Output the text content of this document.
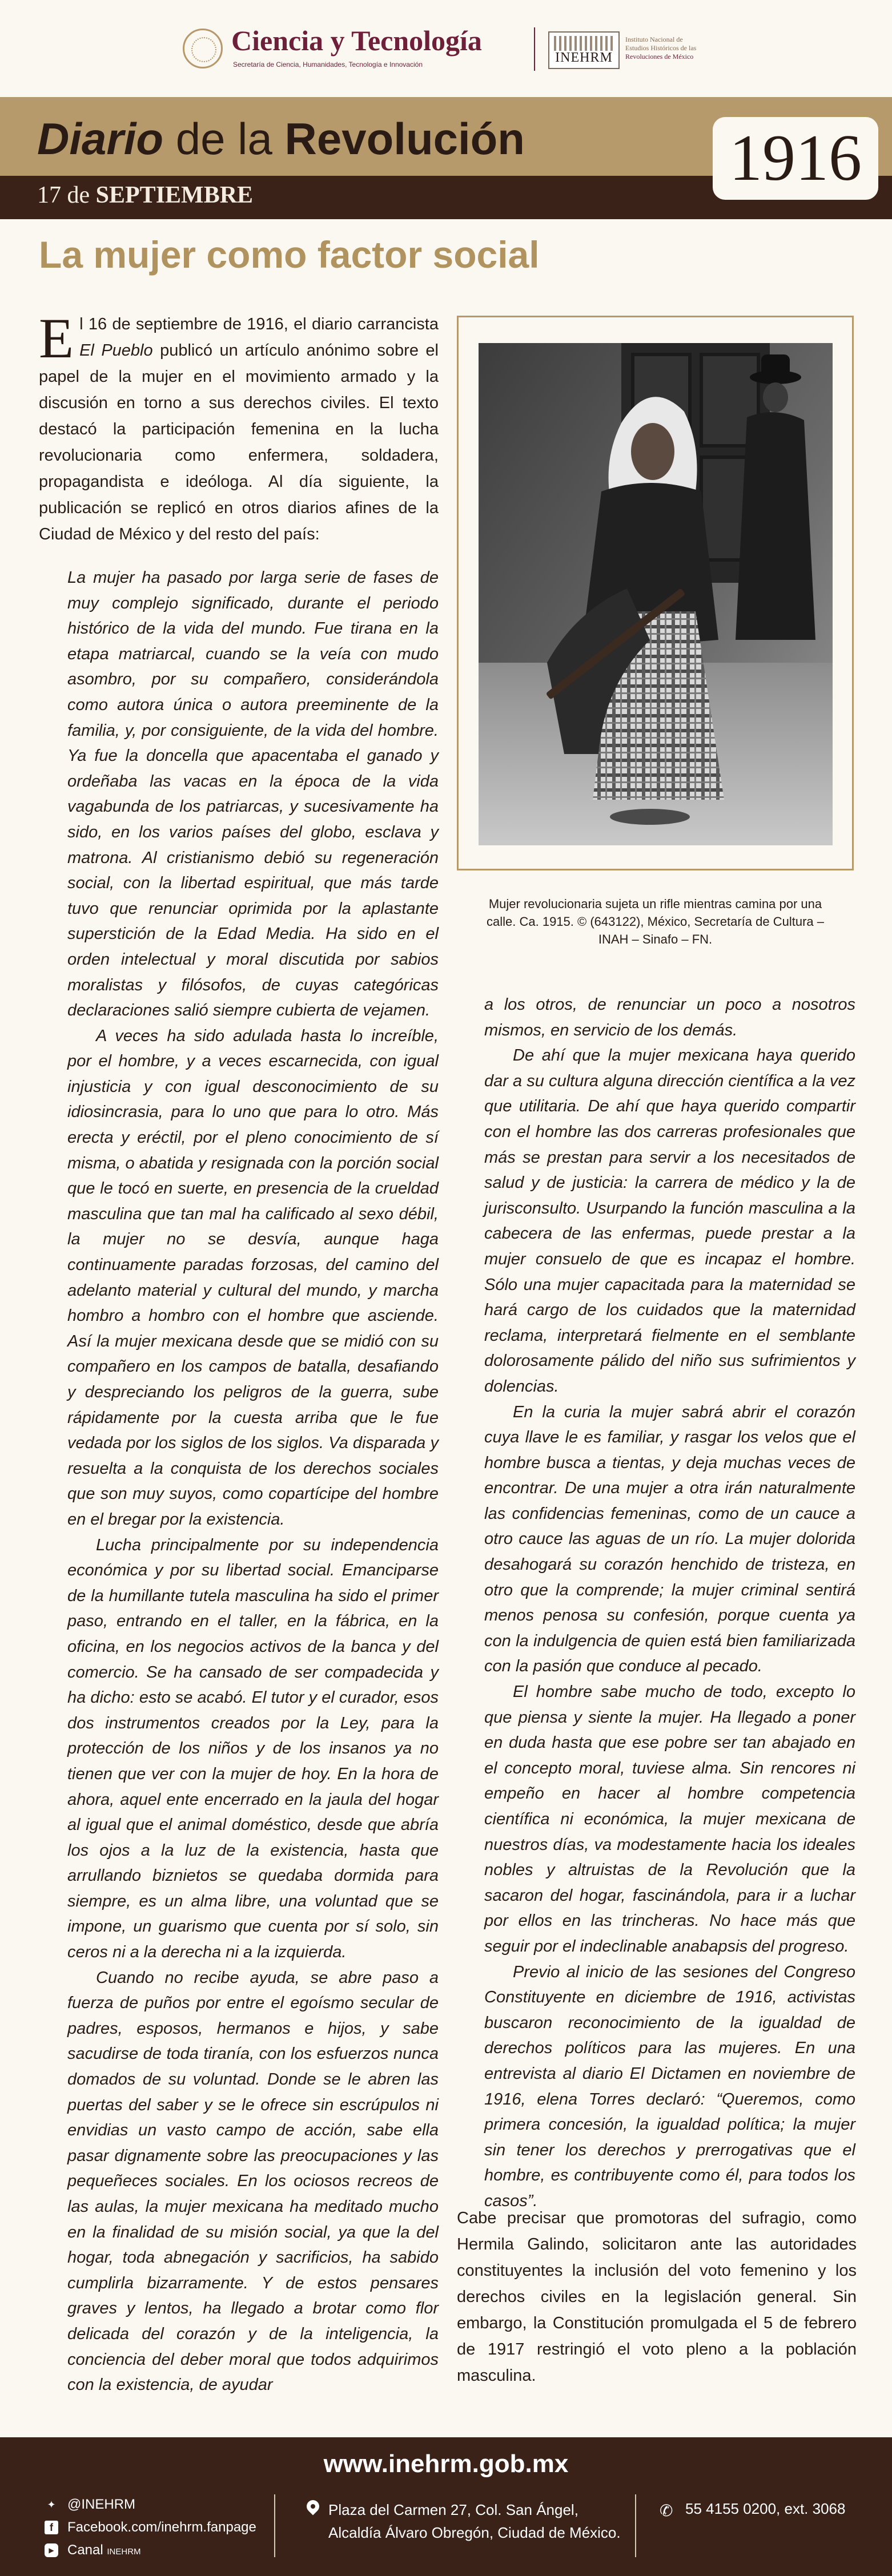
Ciencia y Tecnología
Secretaría de Ciencia, Humanidades, Tecnología e Innovación	INEHRM
Instituto Nacional de
Estudios Históricos de las
Revoluciones de México
Diario de la Revolución
17 de SEPTIEMBRE
1916
La mujer como factor social
El 16 de septiembre de 1916, el diario carrancista El Pueblo publicó un artículo anónimo sobre el papel de la mujer en el movimiento armado y la discusión en torno a sus derechos civiles. El texto destacó la participación femenina en la lucha revolucionaria como enfermera, soldadera, propagandista e ideóloga. Al día siguiente, la publicación se replicó en otros diarios afines de la Ciudad de México y del resto del país:

La mujer ha pasado por larga serie de fases de muy complejo significado, durante el periodo histórico de la vida del mundo. Fue tirana en la etapa matriarcal, cuando se la veía con mudo asombro, por su compañero, considerándola como autora única o autora preeminente de la familia, y, por consiguiente, de la vida del hombre. Ya fue la doncella que apacentaba el ganado y ordeñaba las vacas en la época de la vida vagabunda de los patriarcas, y sucesivamente ha sido, en los varios países del globo, esclava y matrona. Al cristianismo debió su regeneración social, con la libertad espiritual, que más tarde tuvo que renunciar oprimida por la aplastante superstición de la Edad Media. Ha sido en el orden intelectual y moral discutida por sabios moralistas y filósofos, de cuyas categóricas declaraciones salió siempre cubierta de vejamen.

A veces ha sido adulada hasta lo increíble, por el hombre, y a veces escarnecida, con igual injusticia y con igual desconocimiento de su idiosincrasia, para lo uno que para lo otro. Más erecta y eréctil, por el pleno conocimiento de sí misma, o abatida y resignada con la porción social que le tocó en suerte, en presencia de la crueldad masculina que tan mal ha calificado al sexo débil, la mujer no se desvía, aunque haga continuamente paradas forzosas, del camino del adelanto material y cultural del mundo, y marcha hombro a hombro con el hombre que asciende. Así la mujer mexicana desde que se midió con su compañero en los campos de batalla, desafiando y despreciando los peligros de la guerra, sube rápidamente por la cuesta arriba que le fue vedada por los siglos de los siglos. Va disparada y resuelta a la conquista de los derechos sociales que son muy suyos, como copartícipe del hombre en el bregar por la existencia.

Lucha principalmente por su independencia económica y por su libertad social. Emanciparse de la humillante tutela masculina ha sido el primer paso, entrando en el taller, en la fábrica, en la oficina, en los negocios activos de la banca y del comercio. Se ha cansado de ser compadecida y ha dicho: esto se acabó. El tutor y el curador, esos dos instrumentos creados por la Ley, para la protección de los niños y de los insanos ya no tienen que ver con la mujer de hoy. En la hora de ahora, aquel ente encerrado en la jaula del hogar al igual que el animal doméstico, desde que abría los ojos a la luz de la existencia, hasta que arrullando biznietos se quedaba dormida para siempre, es un alma libre, una voluntad que se impone, un guarismo que cuenta por sí solo, sin ceros ni a la derecha ni a la izquierda.

Cuando no recibe ayuda, se abre paso a fuerza de puños por entre el egoísmo secular de padres, esposos, hermanos e hijos, y sabe sacudirse de toda tiranía, con los esfuerzos nunca domados de su voluntad. Donde se le abren las puertas del saber y se le ofrece sin escrúpulos ni envidias un vasto campo de acción, sabe ella pasar dignamente sobre las preocupaciones y las pequeñeces sociales. En los ociosos recreos de las aulas, la mujer mexicana ha meditado mucho en la finalidad de su misión social, ya que la del hogar, toda abnegación y sacrificios, ha sabido cumplirla bizarramente. Y de estos pensares graves y lentos, ha llegado a brotar como flor delicada del corazón y de la inteligencia, la conciencia del deber moral que todos adquirimos con la existencia, de ayudar

Mujer revolucionaria sujeta un rifle mientras camina por una calle. Ca. 1915. © (643122), México, Secretaría de Cultura – INAH – Sinafo – FN.

a los otros, de renunciar un poco a nosotros mismos, en servicio de los demás.

De ahí que la mujer mexicana haya querido dar a su cultura alguna dirección científica a la vez que utilitaria. De ahí que haya querido compartir con el hombre las dos carreras profesionales que más se prestan para servir a los necesitados de salud y de justicia: la carrera de médico y la de jurisconsulto. Usurpando la función masculina a la cabecera de las enfermas, puede prestar a la mujer consuelo de que es incapaz el hombre. Sólo una mujer capacitada para la maternidad se hará cargo de los cuidados que la maternidad reclama, interpretará fielmente en el semblante dolorosamente pálido del niño sus sufrimientos y dolencias.

En la curia la mujer sabrá abrir el corazón cuya llave le es familiar, y rasgar los velos que el hombre busca a tientas, y deja muchas veces de encontrar. De una mujer a otra irán naturalmente las confidencias femeninas, como de un cauce a otro cauce las aguas de un río. La mujer dolorida desahogará su corazón henchido de tristeza, en otro que la comprende; la mujer criminal sentirá menos penosa su confesión, porque cuenta ya con la indulgencia de quien está bien familiarizada con la pasión que conduce al pecado.

El hombre sabe mucho de todo, excepto lo que piensa y siente la mujer. Ha llegado a poner en duda hasta que ese pobre ser tan abajado en el concepto moral, tuviese alma. Sin rencores ni empeño en hacer al hombre competencia científica ni económica, la mujer mexicana de nuestros días, va modestamente hacia los ideales nobles y altruistas de la Revolución que la sacaron del hogar, fascinándola, para ir a luchar por ellos en las trincheras. No hace más que seguir por el indeclinable anabapsis del progreso.

Previo al inicio de las sesiones del Congreso Constituyente en diciembre de 1916, activistas buscaron reconocimiento de la igualdad de derechos políticos para las mujeres. En una entrevista al diario El Dictamen en noviembre de 1916, elena Torres declaró: “Queremos, como primera concesión, la igualdad política; la mujer sin tener los derechos y prerrogativas que el hombre, es contribuyente como él, para todos los casos”.

Cabe precisar que promotoras del sufragio, como Hermila Galindo, solicitaron ante las autoridades constituyentes la inclusión del voto femenino y los derechos civiles en la legislación general. Sin embargo, la Constitución promulgada el 5 de febrero de 1917 restringió el voto pleno a la población masculina.
www.inehrm.gob.mx
✦ @INEHRM
f	Facebook.com/inehrm.fanpage
▶ Canal INEHRM
Plaza del Carmen 27, Col. San Ángel, Alcaldía Álvaro Obregón, Ciudad de México.
✆ 55 4155 0200, ext. 3068
